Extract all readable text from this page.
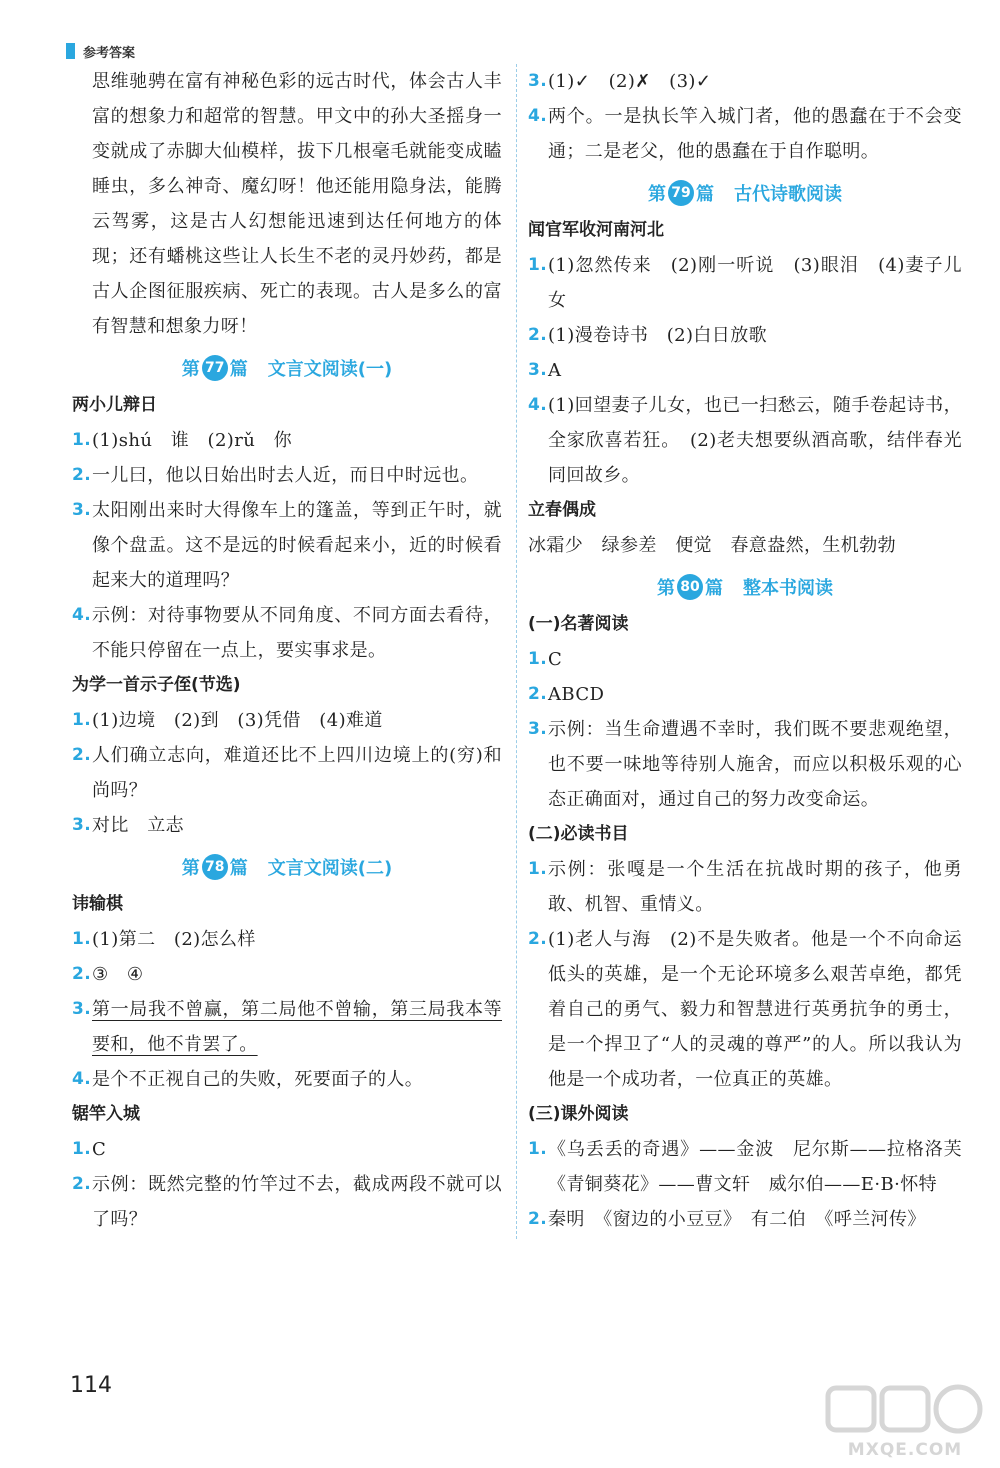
参考答案

思维驰骋在富有神秘色彩的远古时代，体会古人丰富的想象力和超常的智慧。甲文中的孙大圣摇身一变就成了赤脚大仙模样，拔下几根毫毛就能变成瞌睡虫，多么神奇、魔幻呀！他还能用隐身法，能腾云驾雾，这是古人幻想能迅速到达任何地方的体现；还有蟠桃这些让人长生不老的灵丹妙药，都是古人企图征服疾病、死亡的表现。古人是多么的富有智慧和想象力呀！

第 77 篇 文言文阅读(一)

两小儿辩日

1. (1)shú　谁　(2)rǔ　你
2. 一儿曰，他以日始出时去人近，而日中时远也。
3. 太阳刚出来时大得像车上的篷盖，等到正午时，就像个盘盂。这不是远的时候看起来小，近的时候看起来大的道理吗？
4. 示例：对待事物要从不同角度、不同方面去看待，不能只停留在一点上，要实事求是。

为学一首示子侄(节选)

1. (1)边境　(2)到　(3)凭借　(4)难道
2. 人们确立志向，难道还比不上四川边境上的(穷)和尚吗？
3. 对比　立志
第 78 篇 文言文阅读(二)

讳输棋

1. (1)第二　(2)怎么样
2. ③　④
3. 第一局我不曾赢，第二局他不曾输，第三局我本等要和，他不肯罢了。
4. 是个不正视自己的失败，死要面子的人。

锯竿入城

1. C
2. 示例：既然完整的竹竿过不去，截成两段不就可以了吗？
3. (1)✓　(2)✗　(3)✓
4. 两个。一是执长竿入城门者，他的愚蠢在于不会变通；二是老父，他的愚蠢在于自作聪明。
第 79 篇 古代诗歌阅读

闻官军收河南河北

1. (1)忽然传来　(2)刚一听说　(3)眼泪　(4)妻子儿女
2. (1)漫卷诗书　(2)白日放歌
3. A
4. (1)回望妻子儿女，也已一扫愁云，随手卷起诗书，全家欣喜若狂。　(2)老夫想要纵酒高歌，结伴春光同回故乡。

立春偶成

冰霜少　绿参差　便觉　春意盎然，生机勃勃

第 80 篇 整本书阅读

(一)名著阅读

1. C
2. ABCD
3. 示例：当生命遭遇不幸时，我们既不要悲观绝望，也不要一味地等待别人施舍，而应以积极乐观的心态正确面对，通过自己的努力改变命运。

(二)必读书目

1. 示例：张嘎是一个生活在抗战时期的孩子，他勇敢、机智、重情义。
2. (1)老人与海　(2)不是失败者。他是一个不向命运低头的英雄，是一个无论环境多么艰苦卓绝，都凭着自己的勇气、毅力和智慧进行英勇抗争的勇士，是一个捍卫了“人的灵魂的尊严”的人。所以我认为他是一个成功者，一位真正的英雄。

(三)课外阅读

1. 《乌丢丢的奇遇》——金波　尼尔斯——拉格洛芙　《青铜葵花》——曹文轩　威尔伯——E·B·怀特
2. 秦明　《窗边的小豆豆》　有二伯　《呼兰河传》
114
MXQE.COM
